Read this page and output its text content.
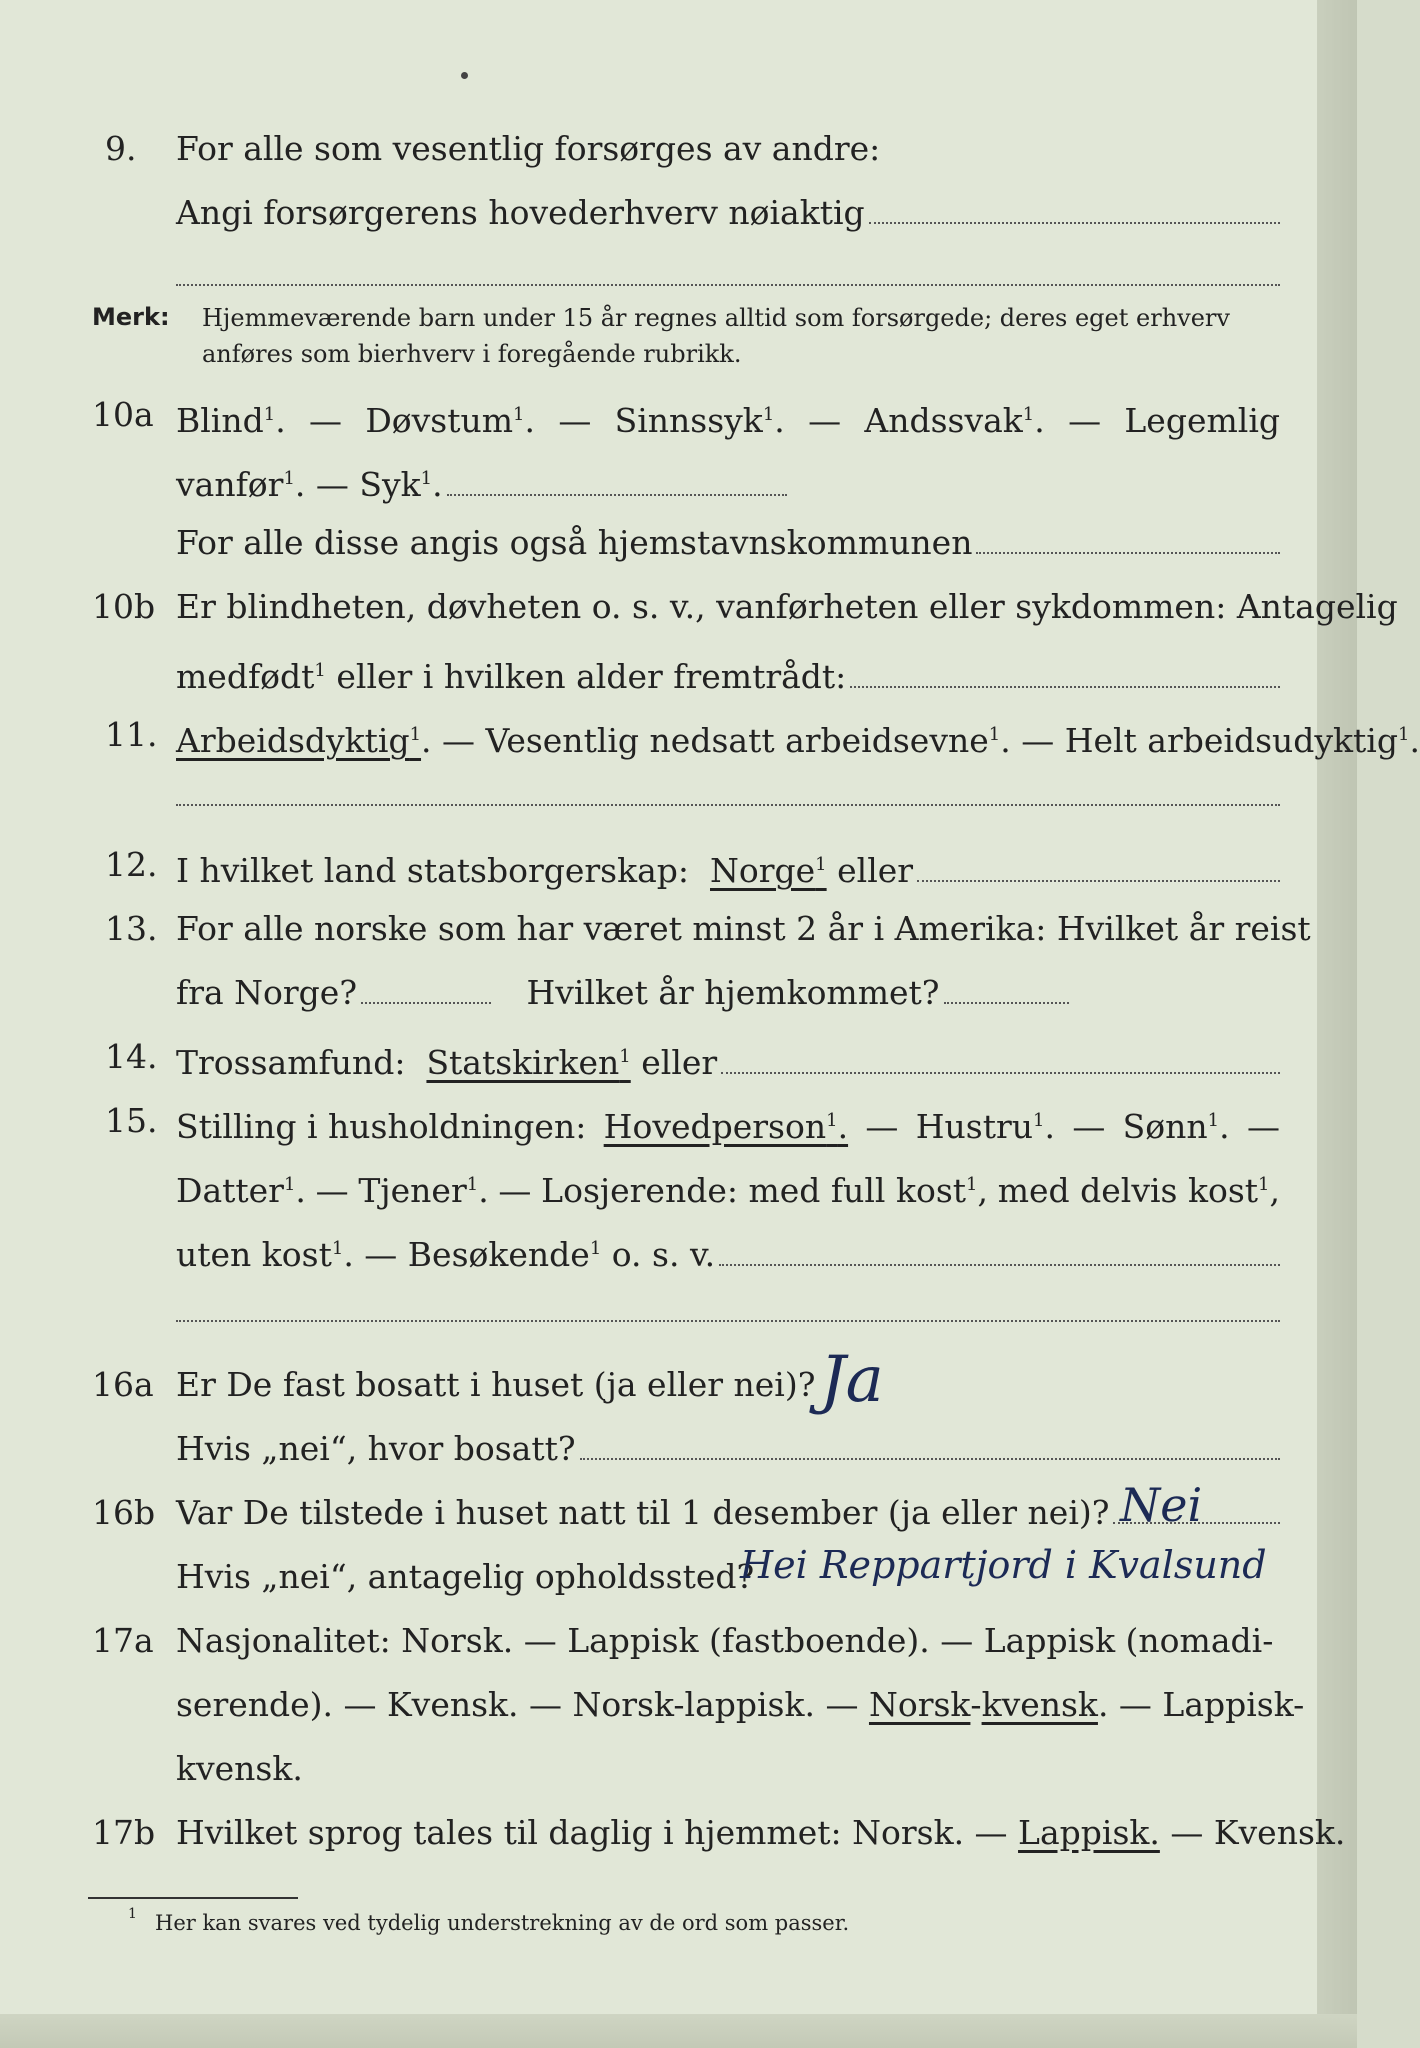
9. For alle som vesentlig forsørges av andre:
Angi forsørgerens hovederhverv nøiaktig
Merk: Hjemmeværende barn under 15 år regnes alltid som forsørgede; deres eget erhverv anføres som bierhverv i foregående rubrikk.
10a Blind$^1$. — Døvstum$^1$. — Sinnssyk$^1$. — Andssvak$^1$. — Legemlig
vanfør$^1$. — Syk$^1$.
For alle disse angis også hjemstavnskommunen
10b Er blindheten, døvheten o. s. v., vanførheten eller sykdommen: Antagelig
medfødt$^1$
eller i hvilken alder fremtrådt:
11. Arbeidsdyktig$^1$ . — Vesentlig nedsatt arbeidsevne$^1$. — Helt arbeidsudyktig$^1$.
12. I hvilket land statsborgerskap:
Norge$^1$
eller
13. For alle norske som har været minst 2 år i Amerika: Hvilket år reist
fra Norge?
	Hvilket år hjemkommet?
14. Trossamfund:
Statskirken$^1$
eller
15. Stilling i husholdningen: Hovedperson$^1$. — Hustru$^1$. — Sønn$^1$. —
Datter$^1$. — Tjener$^1$. — Losjerende: med full kost$^1$, med delvis kost$^1$,
uten kost$^1$. — Besøkende$^1$
o. s. v.
16a Er De fast bosatt i huset (ja eller nei)? Ja
Hvis „nei“, hvor bosatt?
16b Var De tilstede i huset natt til 1 desember (ja eller nei)? Nei
Hvis „nei“, antagelig opholdssted?
Hei Reppartjord i Kvalsund
17a Nasjonalitet: Norsk. — Lappisk (fastboende). — Lappisk (nomadi-
serende). — Kvensk. — Norsk-lappisk. —
Norsk - kvensk . — Lappisk-
kvensk.
17b Hvilket sprog tales til daglig i hjemmet: Norsk. —
Lappisk.
— Kvensk.
1 Her kan svares ved tydelig understrekning av de ord som passer.
